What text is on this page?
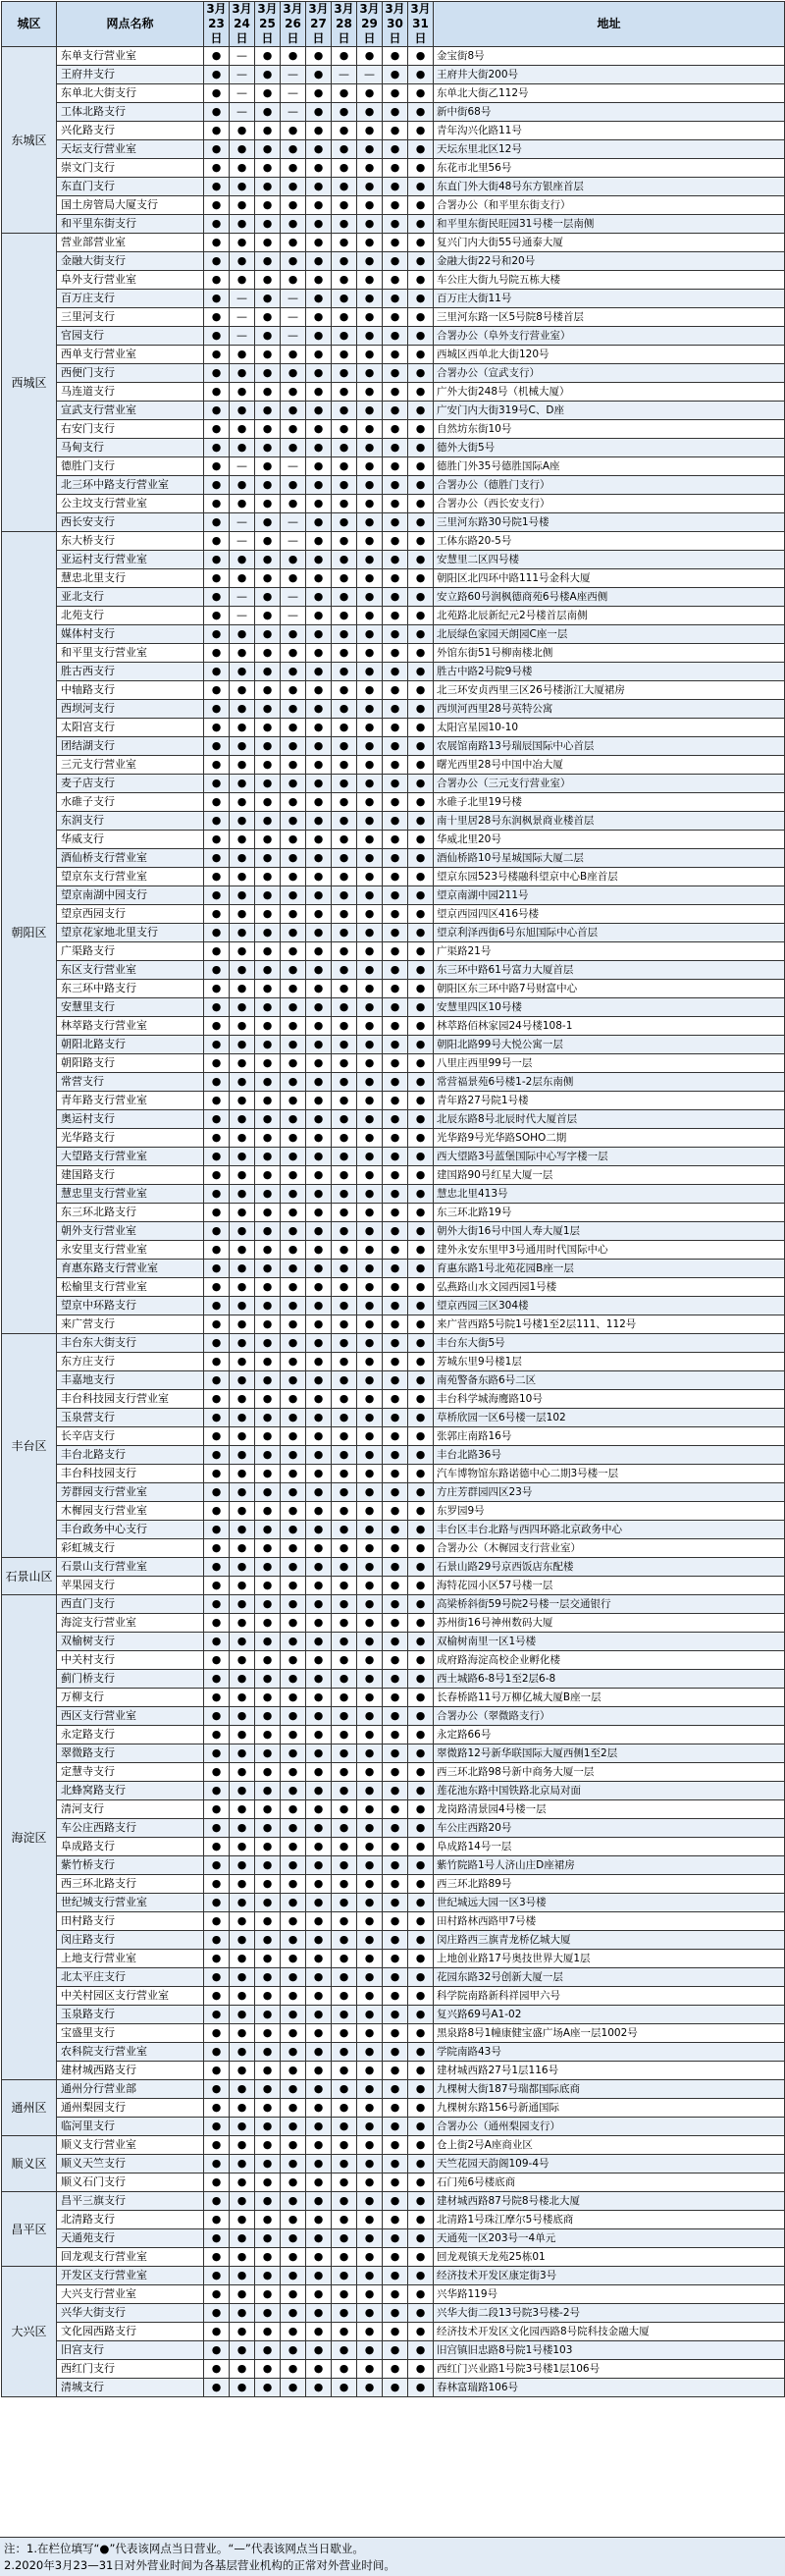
城区	网点名称	3月 23日	3月 24日	3月 25日	3月 26日	3月 27日	3月 28日	3月 29日	3月 30日	3月 31日	地址
东城区	东单支行营业室	●	—	●	●	●	●	●	●	●	金宝街8号
	王府井支行	●	—	●	—	●	—	—	●	●	王府井大街200号
	东单北大街支行	●	—	●	—	●	●	●	●	●	东单北大街乙112号
	工体北路支行	●	—	●	—	●	●	●	●	●	新中街68号
	兴化路支行	●	●	●	●	●	●	●	●	●	青年沟兴化路11号
	天坛支行营业室	●	●	●	●	●	●	●	●	●	天坛东里北区12号
	崇文门支行	●	●	●	●	●	●	●	●	●	东花市北里56号
	东直门支行	●	●	●	●	●	●	●	●	●	东直门外大街48号东方银座首层
	国土房管局大厦支行	●	●	●	●	●	●	●	●	●	合署办公（和平里东街支行）
	和平里东街支行	●	●	●	●	●	●	●	●	●	和平里东街民旺园31号楼一层南侧
西城区	营业部营业室	●	●	●	●	●	●	●	●	●	复兴门内大街55号通泰大厦
	金融大街支行	●	●	●	●	●	●	●	●	●	金融大街22号和20号
	阜外支行营业室	●	●	●	●	●	●	●	●	●	车公庄大街九号院五栋大楼
	百万庄支行	●	—	●	—	●	●	●	●	●	百万庄大街11号
	三里河支行	●	—	●	—	●	●	●	●	●	三里河东路一区5号院8号楼首层
	官园支行	●	—	●	—	●	●	●	●	●	合署办公（阜外支行营业室）
	西单支行营业室	●	●	●	●	●	●	●	●	●	西城区西单北大街120号
	西便门支行	●	●	●	●	●	●	●	●	●	合署办公（宣武支行）
	马连道支行	●	●	●	●	●	●	●	●	●	广外大街248号（机械大厦）
	宣武支行营业室	●	●	●	●	●	●	●	●	●	广安门内大街319号C、D座
	右安门支行	●	●	●	●	●	●	●	●	●	自然坊东街10号
	马甸支行	●	●	●	●	●	●	●	●	●	德外大街5号
	德胜门支行	●	—	●	—	●	●	●	●	●	德胜门外35号德胜国际A座
	北三环中路支行营业室	●	●	●	●	●	●	●	●	●	合署办公（德胜门支行）
	公主坟支行营业室	●	●	●	●	●	●	●	●	●	合署办公（西长安支行）
	西长安支行	●	—	●	—	●	●	●	●	●	三里河东路30号院1号楼
朝阳区	东大桥支行	●	—	●	—	●	●	●	●	●	工体东路20-5号
	亚运村支行营业室	●	●	●	●	●	●	●	●	●	安慧里二区四号楼
	慧忠北里支行	●	●	●	●	●	●	●	●	●	朝阳区北四环中路111号金科大厦
	亚北支行	●	—	●	—	●	●	●	●	●	安立路60号润枫德商苑6号楼A座西侧
	北苑支行	●	—	●	—	●	●	●	●	●	北苑路北辰新纪元2号楼首层南侧
	媒体村支行	●	●	●	●	●	●	●	●	●	北辰绿色家园天朗园C座一层
	和平里支行营业室	●	●	●	●	●	●	●	●	●	外馆东街51号柳南楼北侧
	胜古西支行	●	●	●	●	●	●	●	●	●	胜古中路2号院9号楼
	中轴路支行	●	●	●	●	●	●	●	●	●	北三环安贞西里三区26号楼浙江大厦裙房
	西坝河支行	●	●	●	●	●	●	●	●	●	西坝河西里28号英特公寓
	太阳宫支行	●	●	●	●	●	●	●	●	●	太阳宫星园10-10
	团结湖支行	●	●	●	●	●	●	●	●	●	农展馆南路13号瑞辰国际中心首层
	三元支行营业室	●	●	●	●	●	●	●	●	●	曙光西里28号中国中冶大厦
	麦子店支行	●	●	●	●	●	●	●	●	●	合署办公（三元支行营业室）
	水碓子支行	●	●	●	●	●	●	●	●	●	水碓子北里19号楼
	东润支行	●	●	●	●	●	●	●	●	●	南十里居28号东润枫景商业楼首层
	华威支行	●	●	●	●	●	●	●	●	●	华威北里20号
	酒仙桥支行营业室	●	●	●	●	●	●	●	●	●	酒仙桥路10号星城国际大厦二层
	望京东支行营业室	●	●	●	●	●	●	●	●	●	望京东园523号楼融科望京中心B座首层
	望京南湖中园支行	●	●	●	●	●	●	●	●	●	望京南湖中园211号
	望京西园支行	●	●	●	●	●	●	●	●	●	望京西园四区416号楼
	望京花家地北里支行	●	●	●	●	●	●	●	●	●	望京利泽西街6号东旭国际中心首层
	广渠路支行	●	●	●	●	●	●	●	●	●	广渠路21号
	东区支行营业室	●	●	●	●	●	●	●	●	●	东三环中路61号富力大厦首层
	东三环中路支行	●	●	●	●	●	●	●	●	●	朝阳区东三环中路7号财富中心
	安慧里支行	●	●	●	●	●	●	●	●	●	安慧里四区10号楼
	林萃路支行营业室	●	●	●	●	●	●	●	●	●	林萃路佰林家园24号楼108-1
	朝阳北路支行	●	●	●	●	●	●	●	●	●	朝阳北路99号大悦公寓一层
	朝阳路支行	●	●	●	●	●	●	●	●	●	八里庄西里99号一层
	常营支行	●	●	●	●	●	●	●	●	●	常营福景苑6号楼1-2层东南侧
	青年路支行营业室	●	●	●	●	●	●	●	●	●	青年路27号院1号楼
	奥运村支行	●	●	●	●	●	●	●	●	●	北辰东路8号北辰时代大厦首层
	光华路支行	●	●	●	●	●	●	●	●	●	光华路9号光华路SOHO二期
	大望路支行营业室	●	●	●	●	●	●	●	●	●	西大望路3号蓝堡国际中心写字楼一层
	建国路支行	●	●	●	●	●	●	●	●	●	建国路90号红星大厦一层
	慧忠里支行营业室	●	●	●	●	●	●	●	●	●	慧忠北里413号
	东三环北路支行	●	●	●	●	●	●	●	●	●	东三环北路19号
	朝外支行营业室	●	●	●	●	●	●	●	●	●	朝外大街16号中国人寿大厦1层
	永安里支行营业室	●	●	●	●	●	●	●	●	●	建外永安东里甲3号通用时代国际中心
	育惠东路支行营业室	●	●	●	●	●	●	●	●	●	育惠东路1号北苑花园B座一层
	松榆里支行营业室	●	●	●	●	●	●	●	●	●	弘燕路山水文园西园1号楼
	望京中环路支行	●	●	●	●	●	●	●	●	●	望京西园三区304楼
	来广营支行	●	●	●	●	●	●	●	●	●	来广营西路5号院1号楼1至2层111、112号
丰台区	丰台东大街支行	●	●	●	●	●	●	●	●	●	丰台东大街5号
	东方庄支行	●	●	●	●	●	●	●	●	●	芳城东里9号楼1层
	丰嘉地支行	●	●	●	●	●	●	●	●	●	南苑警备东路6号二区
	丰台科技园支行营业室	●	●	●	●	●	●	●	●	●	丰台科学城海鹰路10号
	玉泉营支行	●	●	●	●	●	●	●	●	●	草桥欣园一区6号楼一层102
	长辛店支行	●	●	●	●	●	●	●	●	●	张郭庄南路16号
	丰台北路支行	●	●	●	●	●	●	●	●	●	丰台北路36号
	丰台科技园支行	●	●	●	●	●	●	●	●	●	汽车博物馆东路诺德中心二期3号楼一层
	芳群园支行营业室	●	●	●	●	●	●	●	●	●	方庄芳群园四区23号
	木樨园支行营业室	●	●	●	●	●	●	●	●	●	东罗园9号
	丰台政务中心支行	●	●	●	●	●	●	●	●	●	丰台区丰台北路与西四环路北京政务中心
	彩虹城支行	●	●	●	●	●	●	●	●	●	合署办公（木樨园支行营业室）
石景山区	石景山支行营业室	●	●	●	●	●	●	●	●	●	石景山路29号京西饭店东配楼
	苹果园支行	●	●	●	●	●	●	●	●	●	海特花园小区57号楼一层
海淀区	西直门支行	●	●	●	●	●	●	●	●	●	高梁桥斜街59号院2号楼一层交通银行
	海淀支行营业室	●	●	●	●	●	●	●	●	●	苏州街16号神州数码大厦
	双榆树支行	●	●	●	●	●	●	●	●	●	双榆树南里一区1号楼
	中关村支行	●	●	●	●	●	●	●	●	●	成府路海淀高校企业孵化楼
	蓟门桥支行	●	●	●	●	●	●	●	●	●	西土城路6-8号1至2层6-8
	万柳支行	●	●	●	●	●	●	●	●	●	长春桥路11号万柳亿城大厦B座一层
	西区支行营业室	●	●	●	●	●	●	●	●	●	合署办公（翠微路支行）
	永定路支行	●	●	●	●	●	●	●	●	●	永定路66号
	翠微路支行	●	●	●	●	●	●	●	●	●	翠微路12号新华联国际大厦西侧1至2层
	定慧寺支行	●	●	●	●	●	●	●	●	●	西三环北路98号新中商务大厦一层
	北蜂窝路支行	●	●	●	●	●	●	●	●	●	莲花池东路中国铁路北京局对面
	清河支行	●	●	●	●	●	●	●	●	●	龙岗路清景园4号楼一层
	车公庄西路支行	●	●	●	●	●	●	●	●	●	车公庄西路20号
	阜成路支行	●	●	●	●	●	●	●	●	●	阜成路14号一层
	紫竹桥支行	●	●	●	●	●	●	●	●	●	紫竹院路1号人济山庄D座裙房
	西三环北路支行	●	●	●	●	●	●	●	●	●	西三环北路89号
	世纪城支行营业室	●	●	●	●	●	●	●	●	●	世纪城远大园一区3号楼
	田村路支行	●	●	●	●	●	●	●	●	●	田村路林西路甲7号楼
	闵庄路支行	●	●	●	●	●	●	●	●	●	闵庄路西三旗青龙桥亿城大厦
	上地支行营业室	●	●	●	●	●	●	●	●	●	上地创业路17号奥技世界大厦1层
	北太平庄支行	●	●	●	●	●	●	●	●	●	花园东路32号创新大厦一层
	中关村园区支行营业室	●	●	●	●	●	●	●	●	●	科学院南路新科祥园甲六号
	玉泉路支行	●	●	●	●	●	●	●	●	●	复兴路69号A1-02
	宝盛里支行	●	●	●	●	●	●	●	●	●	黑泉路8号1幢康健宝盛广场A座一层1002号
	农科院支行营业室	●	●	●	●	●	●	●	●	●	学院南路43号
	建材城西路支行	●	●	●	●	●	●	●	●	●	建材城西路27号1层116号
通州区	通州分行营业部	●	●	●	●	●	●	●	●	●	九棵树大街187号瑞都国际底商
	通州梨园支行	●	●	●	●	●	●	●	●	●	九棵树东路156号新通国际
	临河里支行	●	●	●	●	●	●	●	●	●	合署办公（通州梨园支行）
顺义区	顺义支行营业室	●	●	●	●	●	●	●	●	●	仓上街2号A座商业区
	顺义天竺支行	●	●	●	●	●	●	●	●	●	天竺花园天韵阁109-4号
	顺义石门支行	●	●	●	●	●	●	●	●	●	石门苑6号楼底商
昌平区	昌平三旗支行	●	●	●	●	●	●	●	●	●	建材城西路87号院8号楼北大厦
	北清路支行	●	●	●	●	●	●	●	●	●	北清路1号珠江摩尔5号楼底商
	天通苑支行	●	●	●	●	●	●	●	●	●	天通苑一区203号一4单元
	回龙观支行营业室	●	●	●	●	●	●	●	●	●	回龙观镇天龙苑25栋01
大兴区	开发区支行营业室	●	●	●	●	●	●	●	●	●	经济技术开发区康定街3号
	大兴支行营业室	●	●	●	●	●	●	●	●	●	兴华路119号
	兴华大街支行	●	●	●	●	●	●	●	●	●	兴华大街二段13号院3号楼-2号
	文化园西路支行	●	●	●	●	●	●	●	●	●	经济技术开发区文化园西路8号院科技金融大厦
	旧宫支行	●	●	●	●	●	●	●	●	●	旧宫镇旧忠路8号院1号楼103
	西红门支行	●	●	●	●	●	●	●	●	●	西红门兴业路1号院3号楼1层106号
	清城支行	●	●	●	●	●	●	●	●	●	春林富瑞路106号
注：1.在栏位填写“●”代表该网点当日营业。“—”代表该网点当日歇业。
2.2020年3月23—31日对外营业时间为各基层营业机构的正常对外营业时间。
